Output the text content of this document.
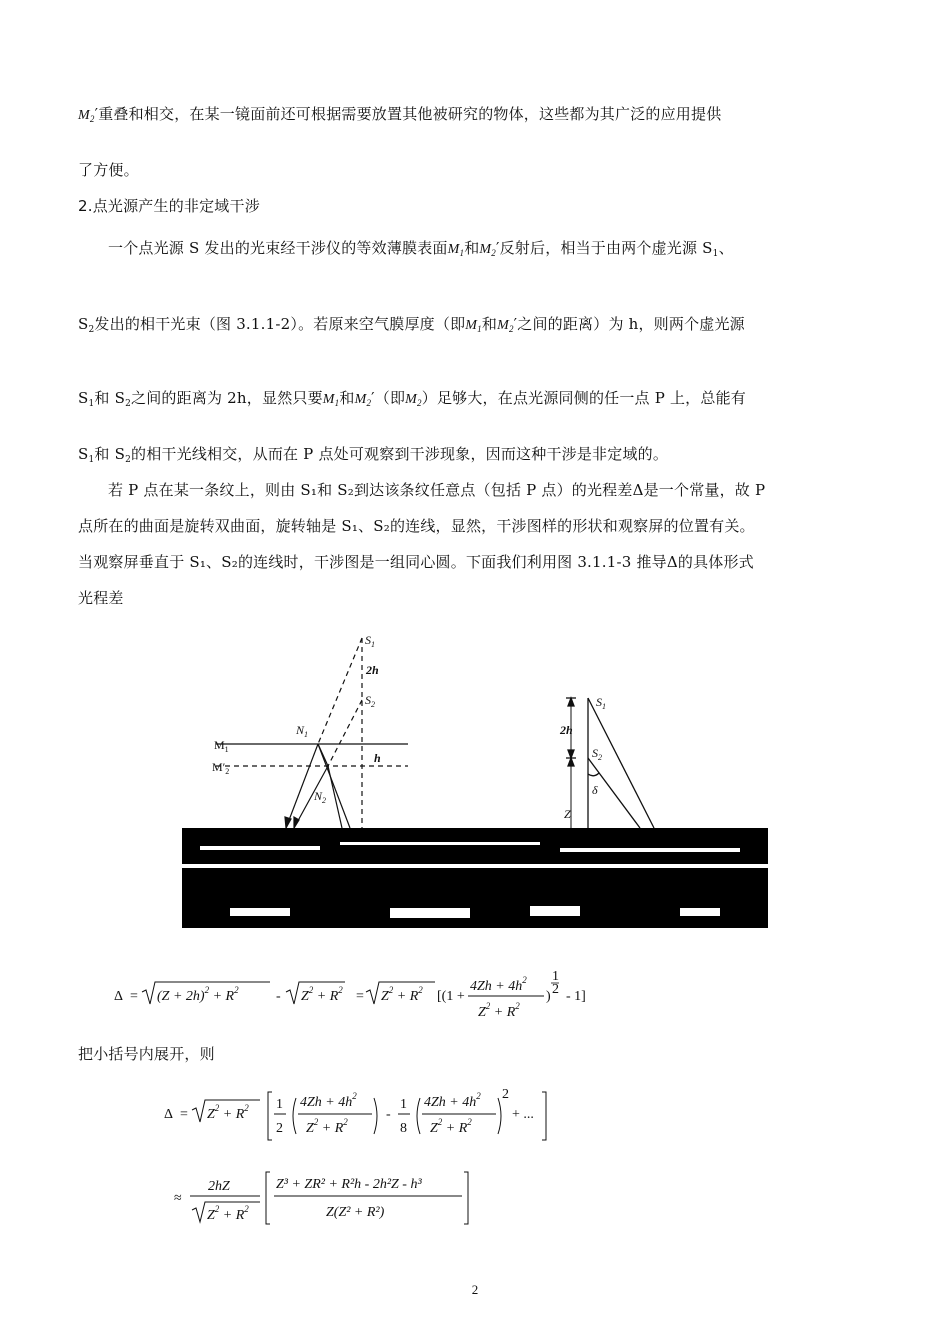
$M_2'$重叠和相交，在某一镜面前还可根据需要放置其他被研究的物体，这些都为其广泛的应用提供
了方便。
2.点光源产生的非定域干涉
一个点光源 S 发出的光束经干涉仪的等效薄膜表面$M_1$和$M_2'$反射后，相当于由两个虚光源 $S_1$、
$S_2$发出的相干光束（图 3.1.1-2）。若原来空气膜厚度（即$M_1$和$M_2'$之间的距离）为 h，则两个虚光源
$S_1$和 $S_2$之间的距离为 2h，显然只要$M_1$和$M_2'$（即$M_2$）足够大，在点光源同侧的任一点 P 上，总能有
$S_1$和 $S_2$的相干光线相交，从而在 P 点处可观察到干涉现象，因而这种干涉是非定域的。
若 P 点在某一条纹上，则由 S₁和 S₂到达该条纹任意点（包括 P 点）的光程差Δ是一个常量，故 P
点所在的曲面是旋转双曲面，旋转轴是 S₁、S₂的连线，显然，干涉图样的形状和观察屏的位置有关。
当观察屏垂直于 S₁、S₂的连线时，干涉图是一组同心圆。下面我们利用图 3.1.1-3 推导Δ的具体形式
光程差
$S_1$
2h
$S_2$
$N_1$
h
$N_2$
$M_1$
$M'_2$
$S_1$
2h
$S_2$
δ
Z
$\Delta = (Z + 2h)^2 + R^2$	- $Z^2 + R^2 = Z^2 + R^2$ [(1 +
$4Zh + 4h^2$
$Z^2 + R^2$
)
1
2 - 1]
把小括号内展开，则
$\Delta = Z^2 + R^2$ 1
2
$4Zh + 4h^2$
$Z^2 + R^2$	-
1
8
$4Zh + 4h^2$
$Z^2 + R^2$
2
+ ...
≈
2hZ
$Z^2 + R^2$
Z³ + ZR² + R²h - 2h²Z - h³
Z(Z² + R²)
2
